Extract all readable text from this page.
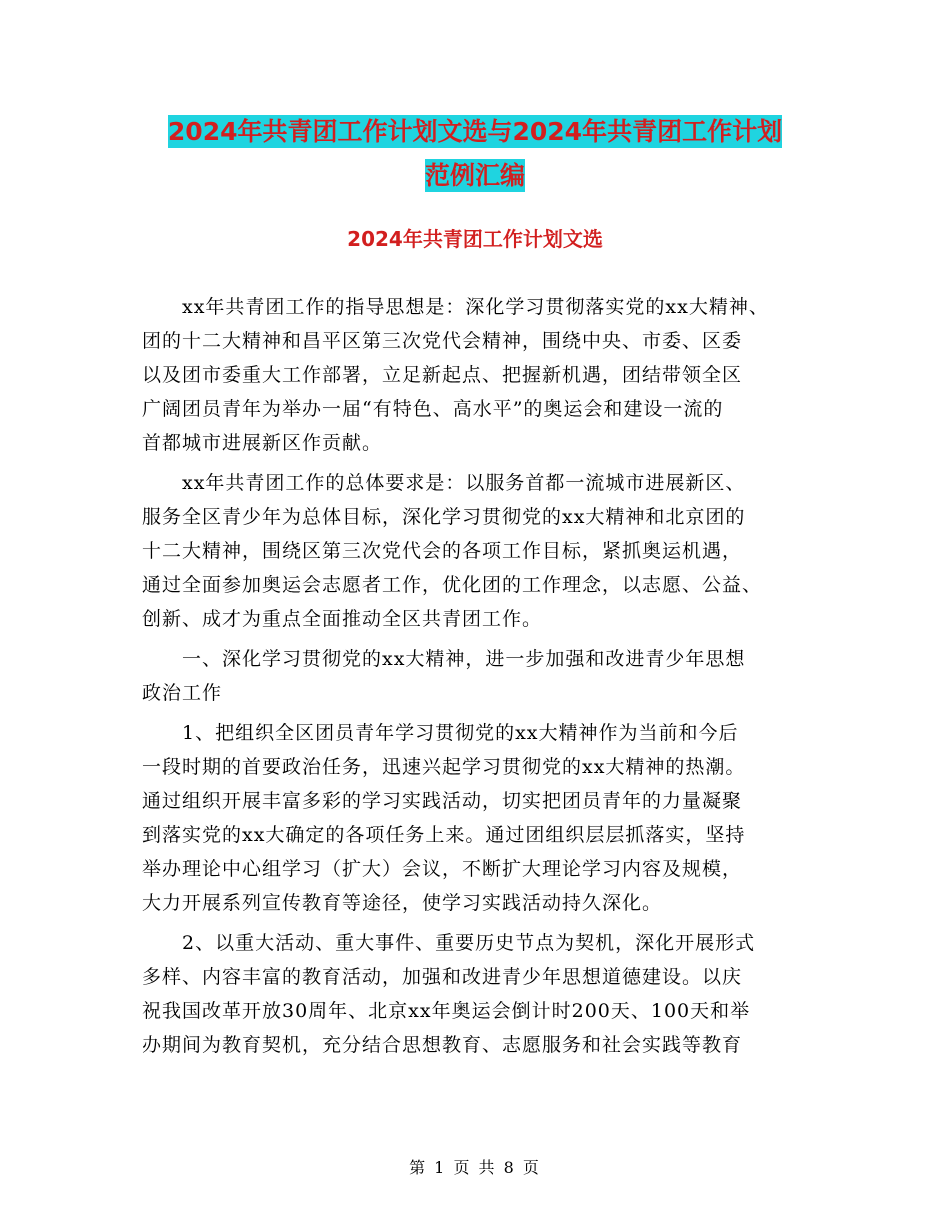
2024年共青团工作计划文选与2024年共青团工作计划
范例汇编
2024年共青团工作计划文选
xx年共青团工作的指导思想是：深化学习贯彻落实党的xx大精神、
团的十二大精神和昌平区第三次党代会精神，围绕中央、市委、区委
以及团市委重大工作部署，立足新起点、把握新机遇，团结带领全区
广阔团员青年为举办一届“有特色、高水平”的奥运会和建设一流的
首都城市进展新区作贡献。
xx年共青团工作的总体要求是：以服务首都一流城市进展新区、
服务全区青少年为总体目标，深化学习贯彻党的xx大精神和北京团的
十二大精神，围绕区第三次党代会的各项工作目标，紧抓奥运机遇，
通过全面参加奥运会志愿者工作，优化团的工作理念，以志愿、公益、
创新、成才为重点全面推动全区共青团工作。
一、深化学习贯彻党的xx大精神，进一步加强和改进青少年思想
政治工作
1、把组织全区团员青年学习贯彻党的xx大精神作为当前和今后
一段时期的首要政治任务，迅速兴起学习贯彻党的xx大精神的热潮。
通过组织开展丰富多彩的学习实践活动，切实把团员青年的力量凝聚
到落实党的xx大确定的各项任务上来。通过团组织层层抓落实，坚持
举办理论中心组学习（扩大）会议，不断扩大理论学习内容及规模，
大力开展系列宣传教育等途径，使学习实践活动持久深化。
2、以重大活动、重大事件、重要历史节点为契机，深化开展形式
多样、内容丰富的教育活动，加强和改进青少年思想道德建设。以庆
祝我国改革开放30周年、北京xx年奥运会倒计时200天、100天和举
办期间为教育契机，充分结合思想教育、志愿服务和社会实践等教育
第 1 页 共 8 页
